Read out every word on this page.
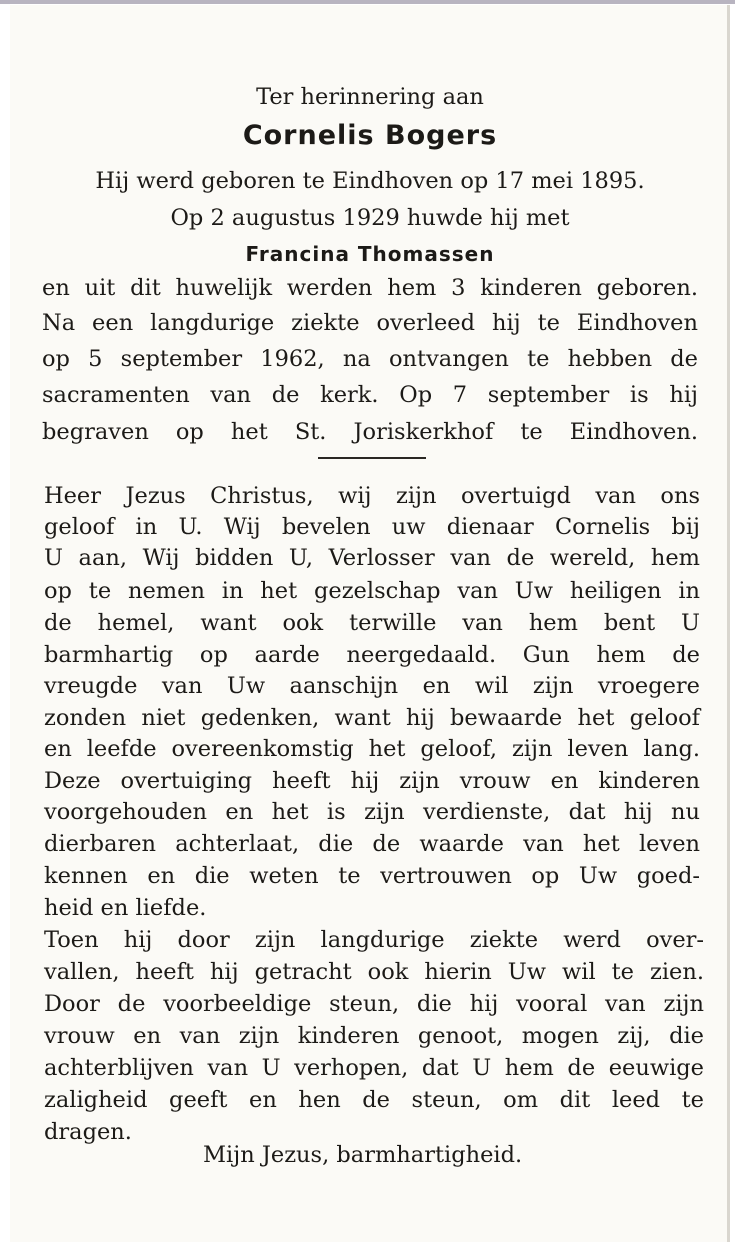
Ter herinnering aan
Cornelis Bogers
Hij werd geboren te Eindhoven op 17 mei 1895.
Op 2 augustus 1929 huwde hij met
Francina Thomassen
en uit dit huwelijk werden hem 3 kinderen geboren.
Na een langdurige ziekte overleed hij te Eindhoven
op 5 september 1962, na ontvangen te hebben de
sacramenten van de kerk. Op 7 september is hij
begraven op het St. Joriskerkhof te Eindhoven.
Heer Jezus Christus, wij zijn overtuigd van ons
geloof in U. Wij bevelen uw dienaar Cornelis bij
U aan, Wij bidden U, Verlosser van de wereld, hem
op te nemen in het gezelschap van Uw heiligen in
de hemel, want ook terwille van hem bent U
barmhartig op aarde neergedaald. Gun hem de
vreugde van Uw aanschijn en wil zijn vroegere
zonden niet gedenken, want hij bewaarde het geloof
en leefde overeenkomstig het geloof, zijn leven lang.
Deze overtuiging heeft hij zijn vrouw en kinderen
voorgehouden en het is zijn verdienste, dat hij nu
dierbaren achterlaat, die de waarde van het leven
kennen en die weten te vertrouwen op Uw goed-
heid en liefde.
Toen hij door zijn langdurige ziekte werd over-
vallen, heeft hij getracht ook hierin Uw wil te zien.
Door de voorbeeldige steun, die hij vooral van zijn
vrouw en van zijn kinderen genoot, mogen zij, die
achterblijven van U verhopen, dat U hem de eeuwige
zaligheid geeft en hen de steun, om dit leed te
dragen.
Mijn Jezus, barmhartigheid.
